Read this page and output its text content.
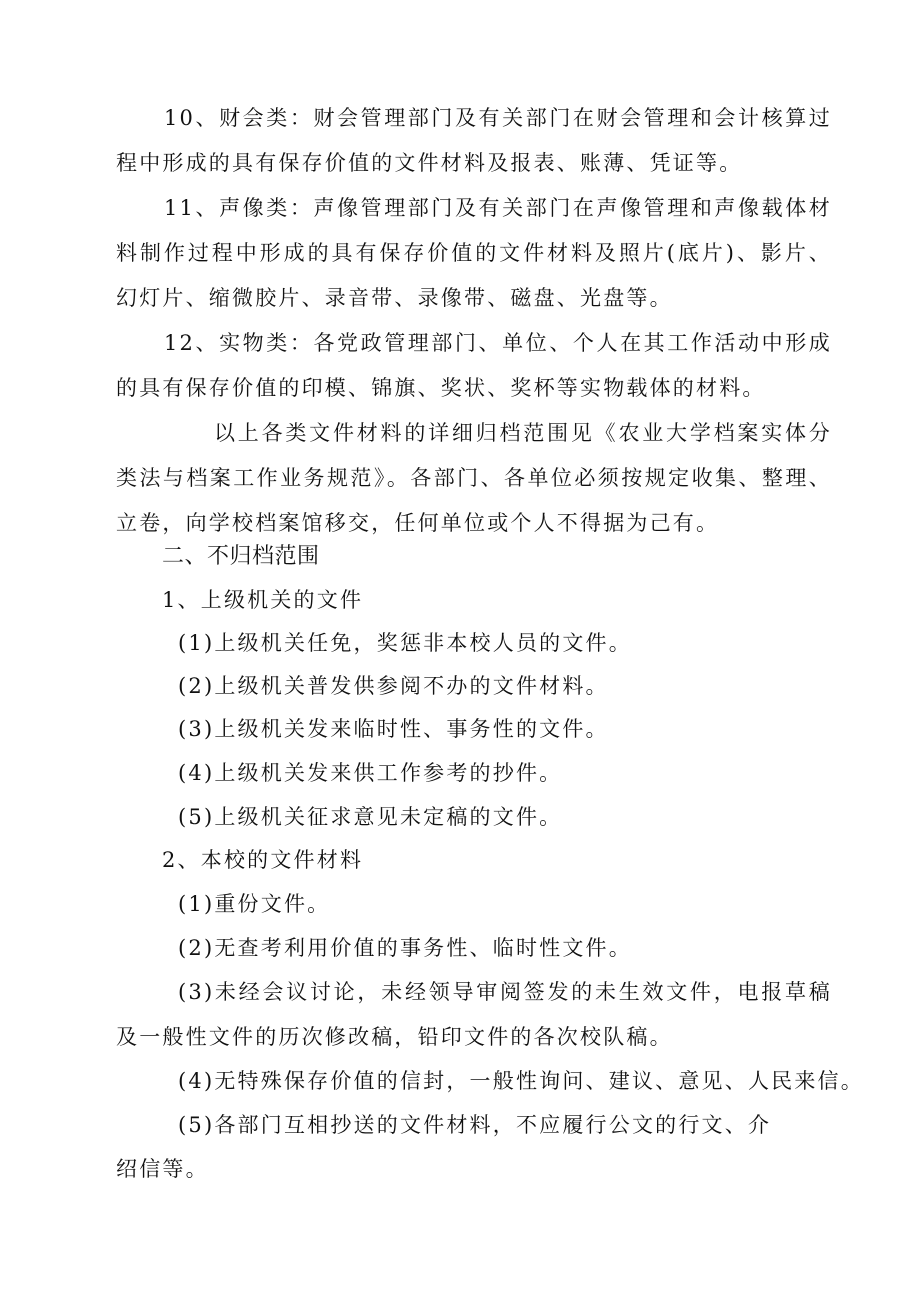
10、财会类：财会管理部门及有关部门在财会管理和会计核算过程中形成的具有保存价值的文件材料及报表、账薄、凭证等。

11、声像类：声像管理部门及有关部门在声像管理和声像载体材料制作过程中形成的具有保存价值的文件材料及照片(底片)、影片、幻灯片、缩微胶片、录音带、录像带、磁盘、光盘等。

12、实物类：各党政管理部门、单位、个人在其工作活动中形成的具有保存价值的印模、锦旗、奖状、奖杯等实物载体的材料。

以上各类文件材料的详细归档范围见《农业大学档案实体分类法与档案工作业务规范》。各部门、各单位必须按规定收集、整理、立卷，向学校档案馆移交，任何单位或个人不得据为己有。

二、不归档范围

1、上级机关的文件

(1)上级机关任免，奖惩非本校人员的文件。

(2)上级机关普发供参阅不办的文件材料。

(3)上级机关发来临时性、事务性的文件。

(4)上级机关发来供工作参考的抄件。

(5)上级机关征求意见未定稿的文件。

2、本校的文件材料

(1)重份文件。

(2)无查考利用价值的事务性、临时性文件。

(3)未经会议讨论，未经领导审阅签发的未生效文件，电报草稿及一般性文件的历次修改稿，铅印文件的各次校队稿。

(4)无特殊保存价值的信封，一般性询问、建议、意见、人民来信。

(5)各部门互相抄送的文件材料，不应履行公文的行文、介

绍信等。
